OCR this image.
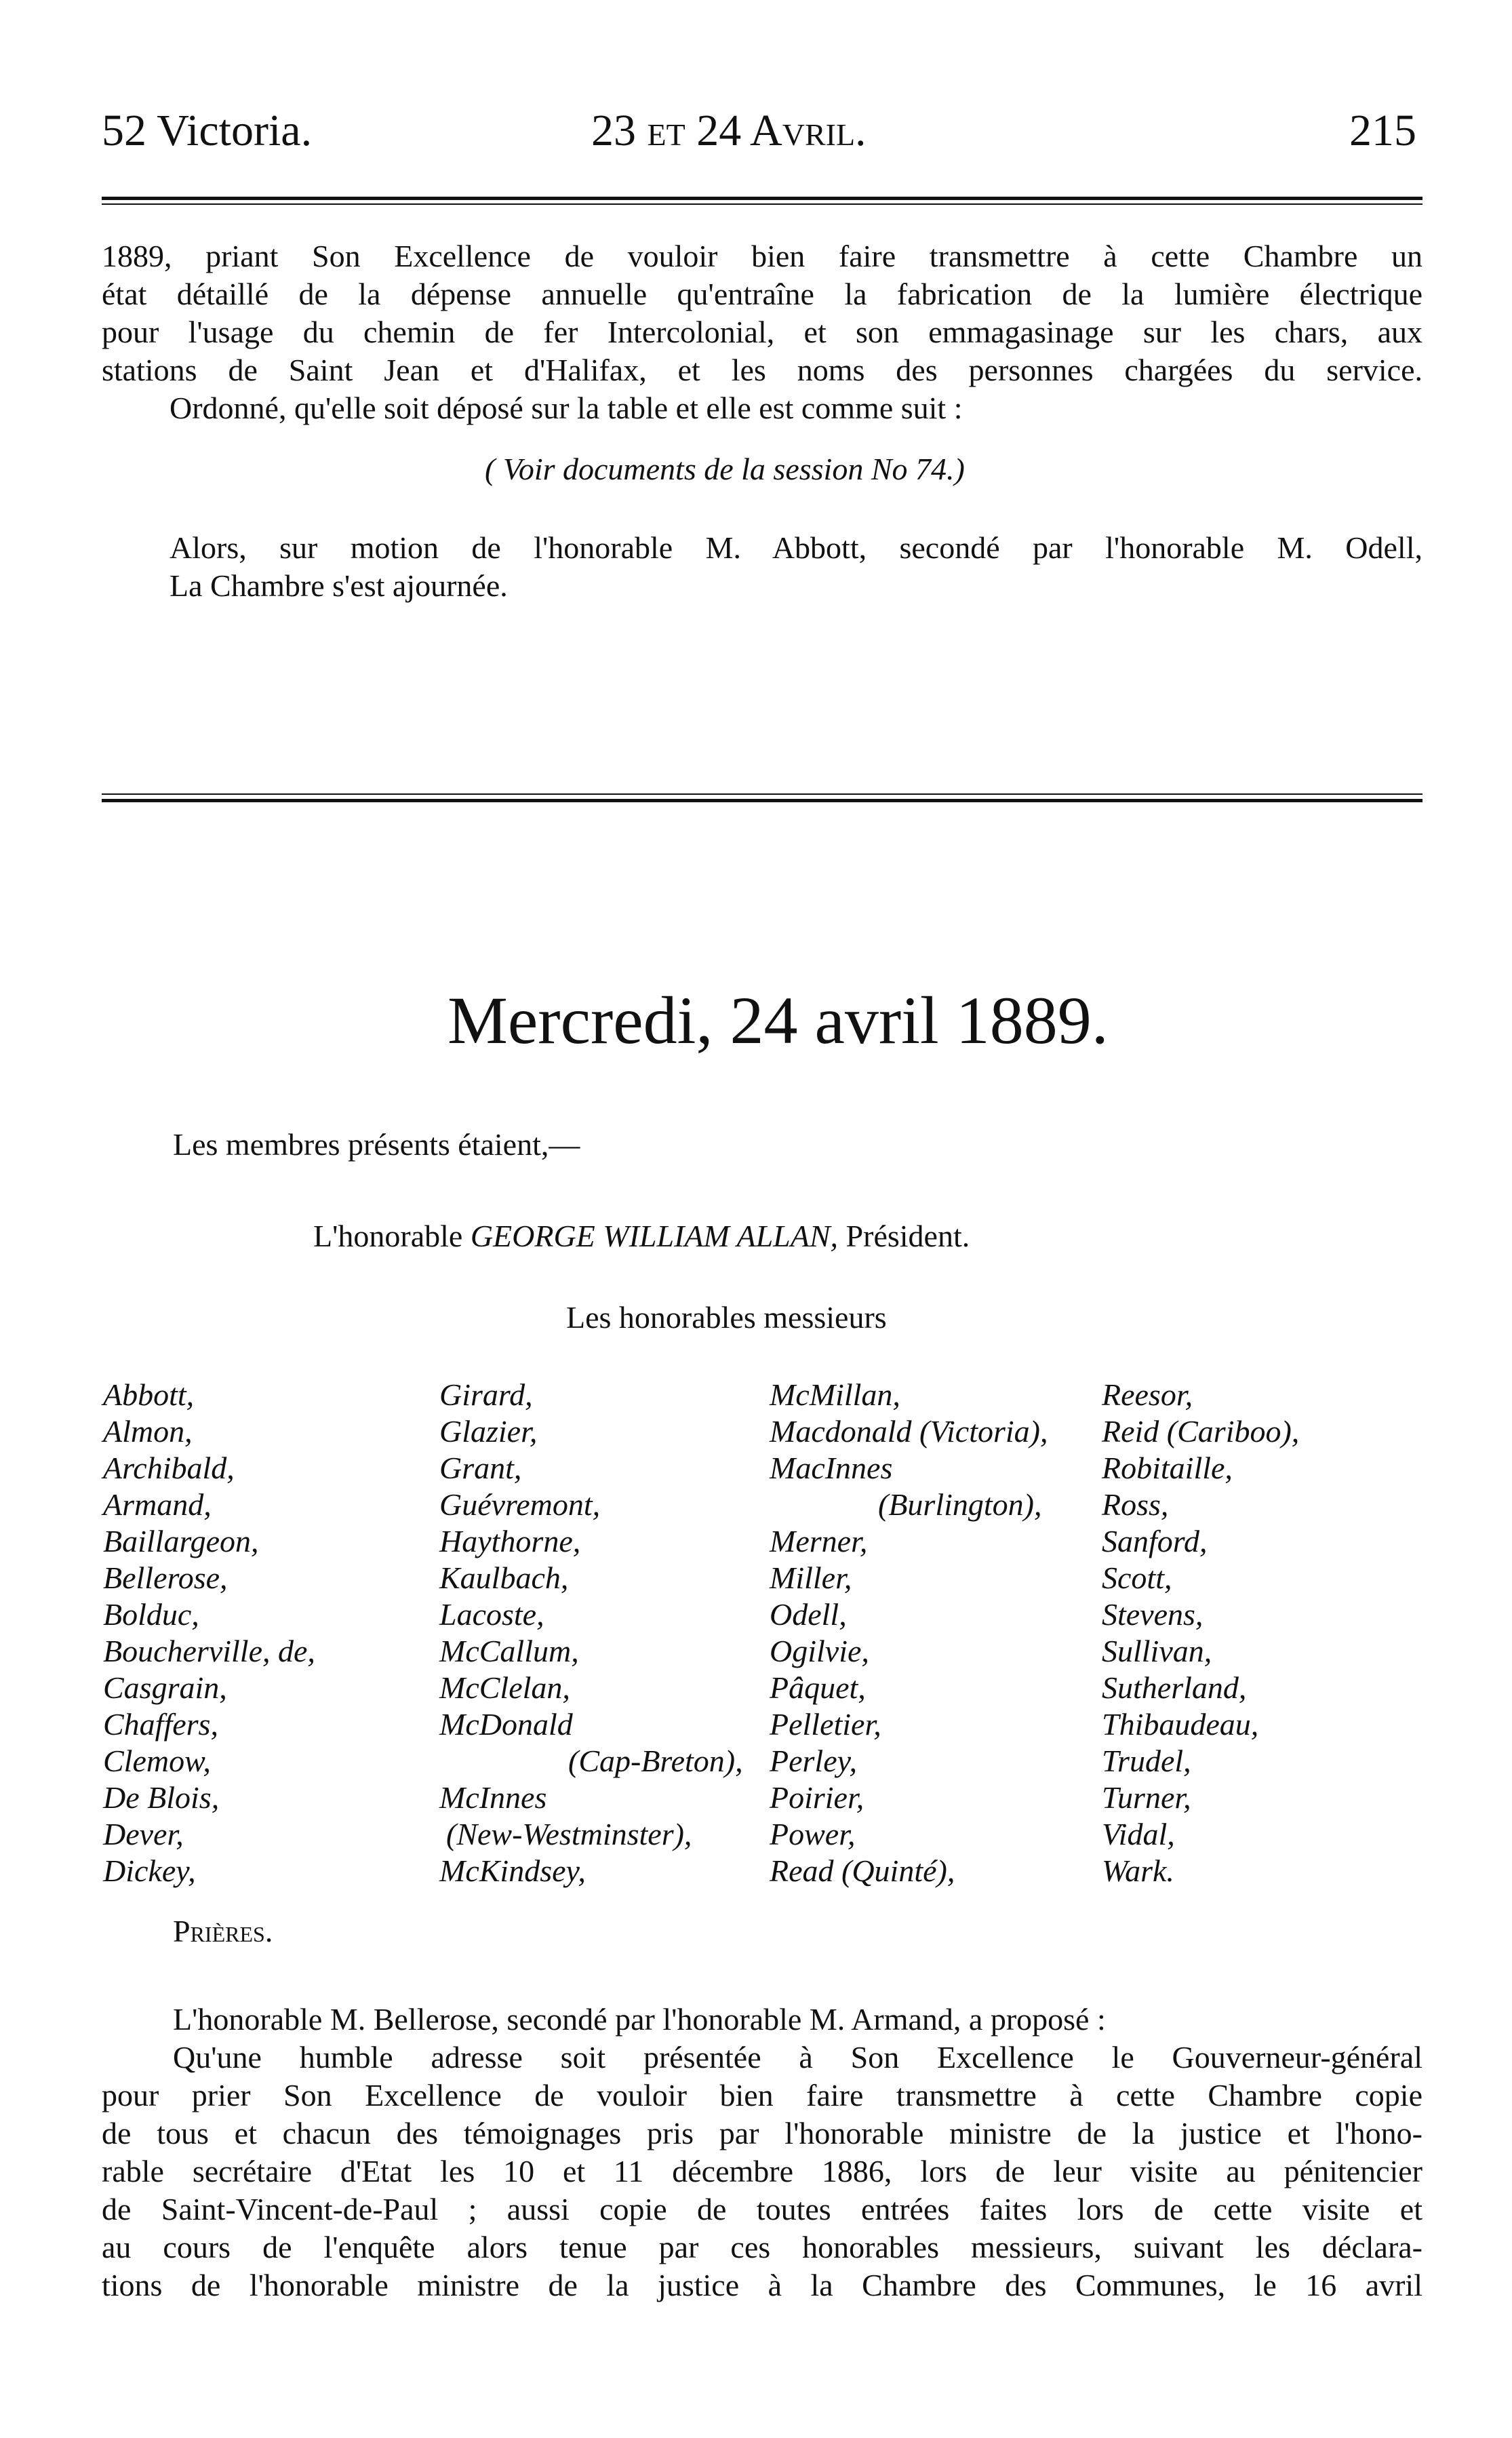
52 Victoria.	23 et 24 Avril.	215
1889, priant Son Excellence de vouloir bien faire transmettre à cette Chambre un
état détaillé de la dépense annuelle qu'entraîne la fabrication de la lumière électrique
pour l'usage du chemin de fer Intercolonial, et son emmagasinage sur les chars, aux
stations de Saint Jean et d'Halifax, et les noms des personnes chargées du service.
Ordonné, qu'elle soit déposé sur la table et elle est comme suit :
( Voir documents de la session No 74.)
Alors, sur motion de l'honorable M. Abbott, secondé par l'honorable M. Odell,
La Chambre s'est ajournée.
Mercredi, 24 avril 1889.
Les membres présents étaient,—
L'honorable GEORGE WILLIAM ALLAN, Président.
Les honorables messieurs
Abbott,
Almon,
Archibald,
Armand,
Baillargeon,
Bellerose,
Bolduc,
Boucherville, de,
Casgrain,
Chaffers,
Clemow,
De Blois,
Dever,
Dickey,
Girard,
Glazier,
Grant,
Guévremont,
Haythorne,
Kaulbach,
Lacoste,
McCallum,
McClelan,
McDonald
(Cap-Breton),
McInnes
(New-Westminster),
McKindsey,
McMillan,
Macdonald (Victoria),
MacInnes
(Burlington),
Merner,
Miller,
Odell,
Ogilvie,
Pâquet,
Pelletier,
Perley,
Poirier,
Power,
Read (Quinté),
Reesor,
Reid (Cariboo),
Robitaille,
Ross,
Sanford,
Scott,
Stevens,
Sullivan,
Sutherland,
Thibaudeau,
Trudel,
Turner,
Vidal,
Wark.
Prières.
L'honorable M. Bellerose, secondé par l'honorable M. Armand, a proposé :
Qu'une humble adresse soit présentée à Son Excellence le Gouverneur-général
pour prier Son Excellence de vouloir bien faire transmettre à cette Chambre copie
de tous et chacun des témoignages pris par l'honorable ministre de la justice et l'hono-
rable secrétaire d'Etat les 10 et 11 décembre 1886, lors de leur visite au pénitencier
de Saint-Vincent-de-Paul ; aussi copie de toutes entrées faites lors de cette visite et
au cours de l'enquête alors tenue par ces honorables messieurs, suivant les déclara-
tions de l'honorable ministre de la justice à la Chambre des Communes, le 16 avril
